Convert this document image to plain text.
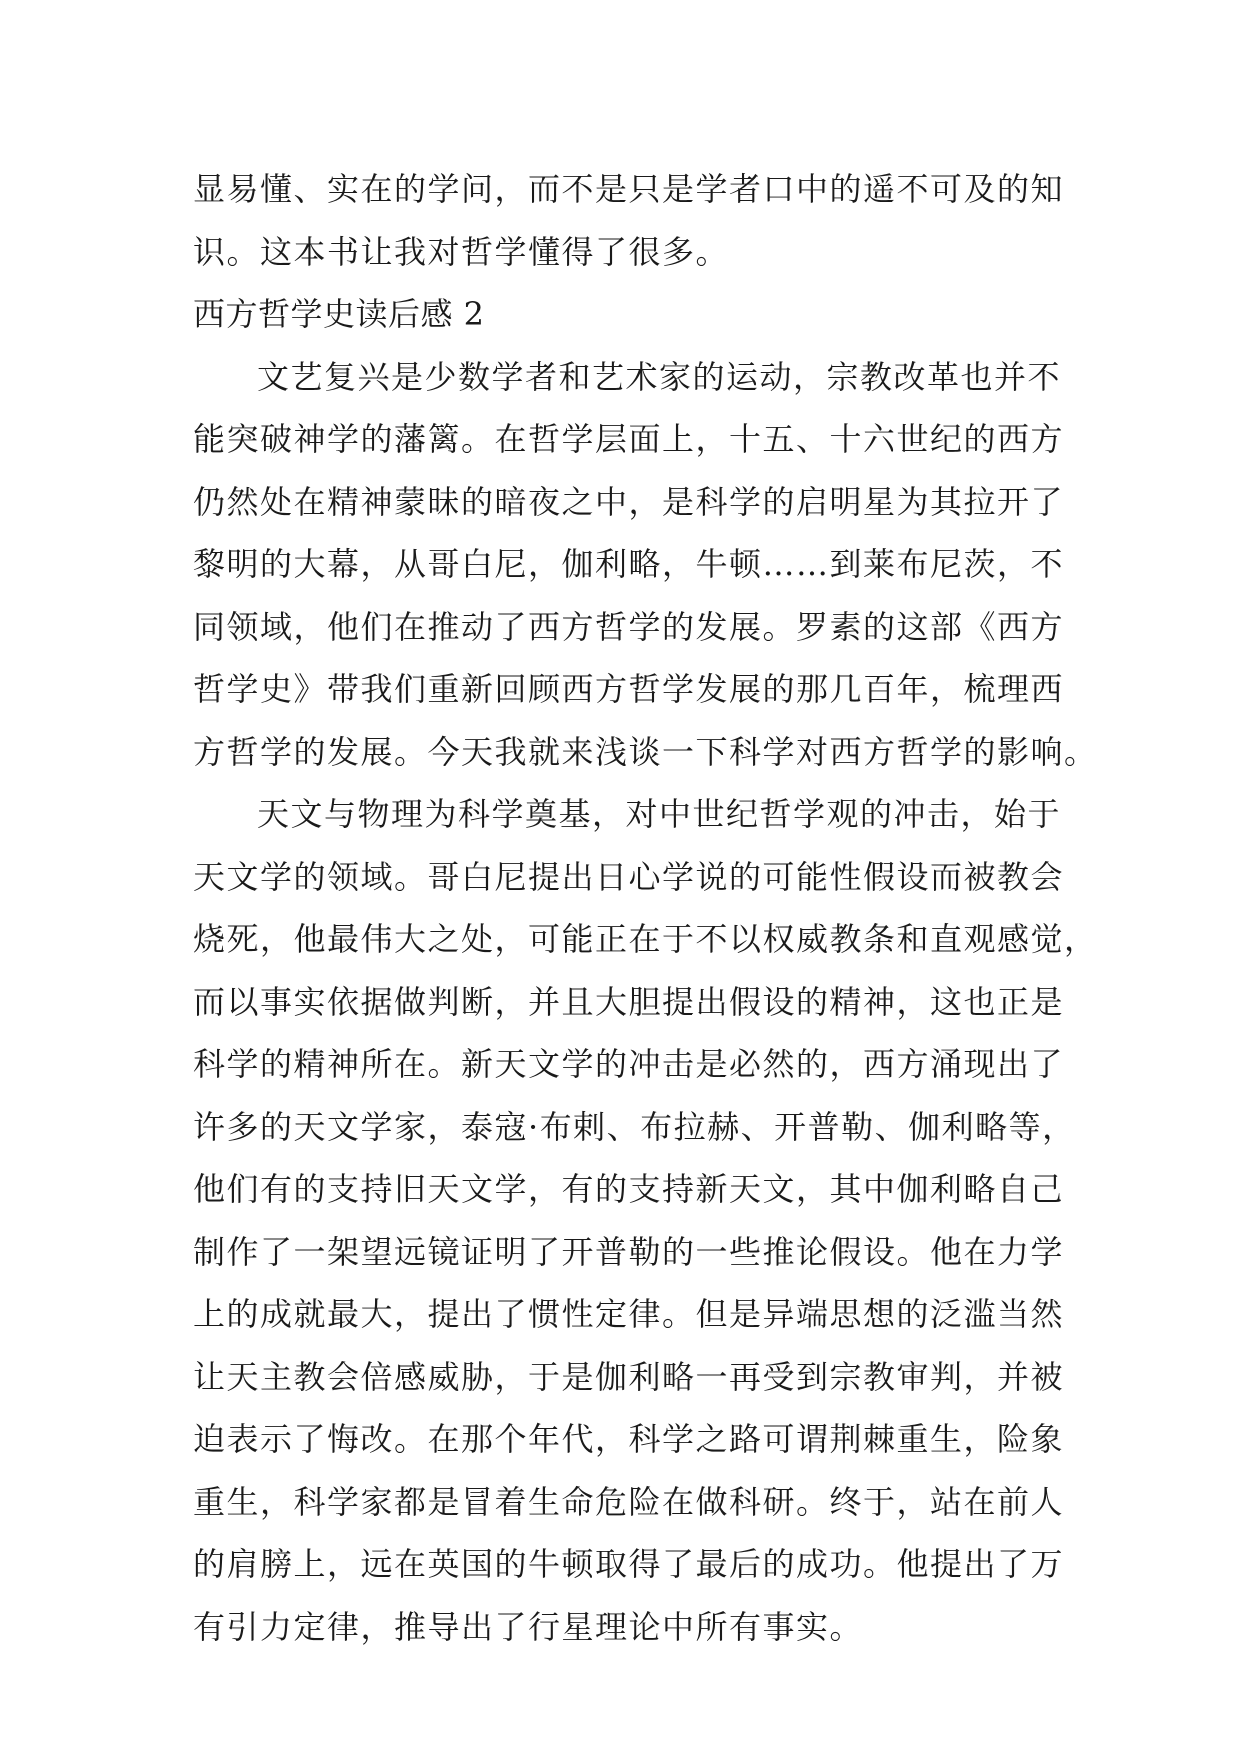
显易懂、实在的学问，而不是只是学者口中的遥不可及的知
识。这本书让我对哲学懂得了很多。
西方哲学史读后感 2
文艺复兴是少数学者和艺术家的运动，宗教改革也并不
能突破神学的藩篱。在哲学层面上，十五、十六世纪的西方
仍然处在精神蒙昧的暗夜之中，是科学的启明星为其拉开了
黎明的大幕，从哥白尼，伽利略，牛顿……到莱布尼茨，不
同领域，他们在推动了西方哲学的发展。罗素的这部《西方
哲学史》带我们重新回顾西方哲学发展的那几百年，梳理西
方哲学的发展。今天我就来浅谈一下科学对西方哲学的影响。
天文与物理为科学奠基，对中世纪哲学观的冲击，始于
天文学的领域。哥白尼提出日心学说的可能性假设而被教会
烧死，他最伟大之处，可能正在于不以权威教条和直观感觉，
而以事实依据做判断，并且大胆提出假设的精神，这也正是
科学的精神所在。新天文学的冲击是必然的，西方涌现出了
许多的天文学家，泰寇·布剌、布拉赫、开普勒、伽利略等，
他们有的支持旧天文学，有的支持新天文，其中伽利略自己
制作了一架望远镜证明了开普勒的一些推论假设。他在力学
上的成就最大，提出了惯性定律。但是异端思想的泛滥当然
让天主教会倍感威胁，于是伽利略一再受到宗教审判，并被
迫表示了悔改。在那个年代，科学之路可谓荆棘重生，险象
重生，科学家都是冒着生命危险在做科研。终于，站在前人
的肩膀上，远在英国的牛顿取得了最后的成功。他提出了万
有引力定律，推导出了行星理论中所有事实。
